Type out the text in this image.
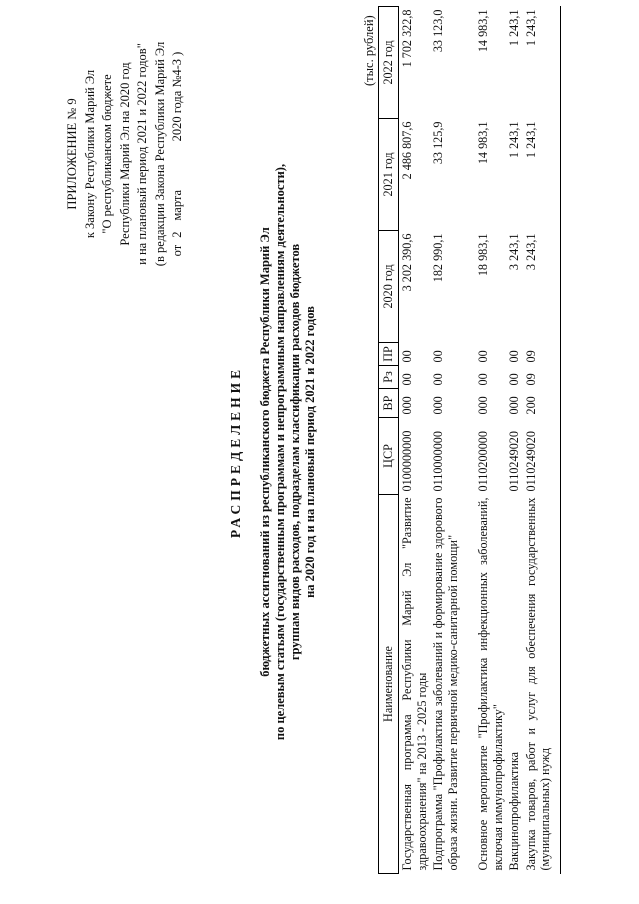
ПРИЛОЖЕНИЕ № 9 к Закону Республики Марий Эл "О республиканском бюджете Республики Марий Эл на 2020 год и на плановый период 2021 и 2022 годов" (в редакции Закона Республики Марий Эл от 2 марта 2020 года №4-З )
РАСПРЕДЕЛЕНИЕ бюджетных ассигнований из республиканского бюджета Республики Марий Эл по целевым статьям (государственным программам и непрограммным направлениям деятельности), группам видов расходов, подразделам классификации расходов бюджетов на 2020 год и на плановый период 2021 и 2022 годов
(тыс. рублей)
Наименование	ЦСР	ВР	Рз	ПР	2020 год	2021 год	2022 год
Государственная программа Республики Марий Эл "Развитие здравоохранения" на 2013 - 2025 годы	0100000000	000	00	00	3 202 390,6	2 486 807,6	1 702 322,8
Подпрограмма "Профилактика заболеваний и формирование здорового образа жизни. Развитие первичной медико-санитарной помощи"	0110000000	000	00	00	182 990,1	33 125,9	33 123,0
Основное мероприятие "Профилактика инфекционных заболеваний, включая иммунопрофилактику"	0110200000	000	00	00	18 983,1	14 983,1	14 983,1
Вакцинопрофилактика	0110249020	000	00	00	3 243,1	1 243,1	1 243,1
Закупка товаров, работ и услуг для обеспечения государственных (муниципальных) нужд	0110249020	200	09	09	3 243,1	1 243,1	1 243,1
